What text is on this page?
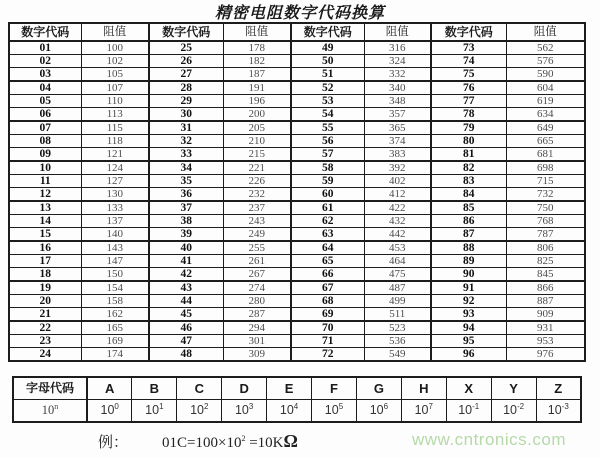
精密电阻数字代码换算
数字代码	阻值	数字代码	阻值	数字代码	阻值	数字代码	阻值
01	100	25	178	49	316	73	562
02	102	26	182	50	324	74	576
03	105	27	187	51	332	75	590
04	107	28	191	52	340	76	604
05	110	29	196	53	348	77	619
06	113	30	200	54	357	78	634
07	115	31	205	55	365	79	649
08	118	32	210	56	374	80	665
09	121	33	215	57	383	81	681
10	124	34	221	58	392	82	698
11	127	35	226	59	402	83	715
12	130	36	232	60	412	84	732
13	133	37	237	61	422	85	750
14	137	38	243	62	432	86	768
15	140	39	249	63	442	87	787
16	143	40	255	64	453	88	806
17	147	41	261	65	464	89	825
18	150	42	267	66	475	90	845
19	154	43	274	67	487	91	866
20	158	44	280	68	499	92	887
21	162	45	287	69	511	93	909
22	165	46	294	70	523	94	931
23	169	47	301	71	536	95	953
24	174	48	309	72	549	96	976
字母代码	A	B	C	D	E	F	G	H	X	Y	Z
10$^n$	$10^0$	$10^1$	$10^2$	$10^3$	$10^4$	$10^5$	$10^6$	$10^7$	$10^{-1}$	$10^{-2}$	$10^{-3}$
例： $01C=100\times 10^2 =10K\Omega$	www.cntronics.com
